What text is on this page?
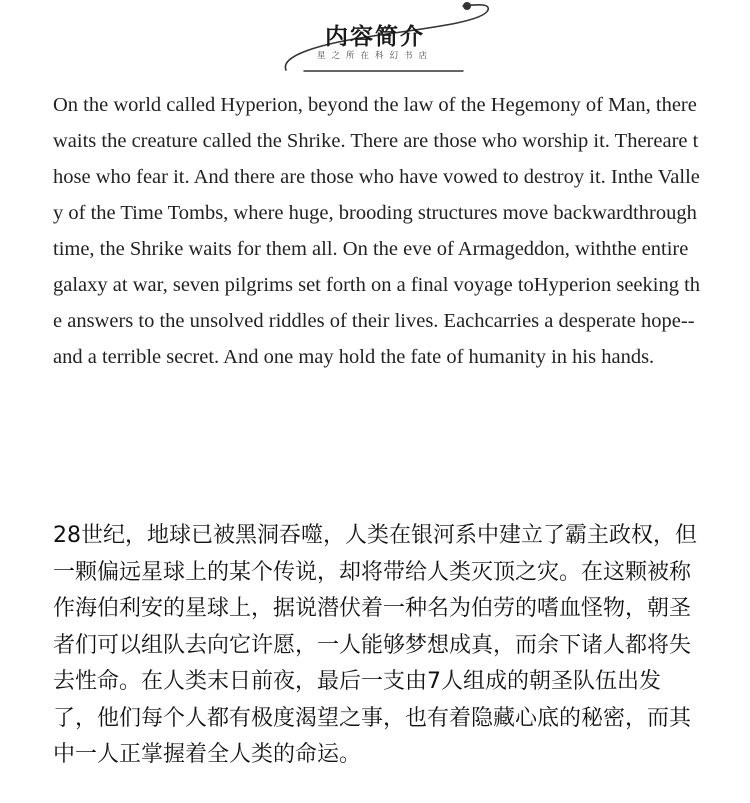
内容简介
星之所在科幻书店

On the world called Hyperion, beyond the law of the Hegemony of Man, therewaits the creature called the Shrike. There are those who worship it. Thereare those who fear it. And there are those who have vowed to destroy it. Inthe Valley of the Time Tombs, where huge, brooding structures move backwardthrough time, the Shrike waits for them all. On the eve of Armageddon, withthe entire galaxy at war, seven pilgrims set forth on a final voyage toHyperion seeking the answers to the unsolved riddles of their lives. Eachcarries a desperate hope--and a terrible secret. And one may hold the fate of humanity in his hands.

28世纪，地球已被黑洞吞噬，人类在银河系中建立了霸主政权，但一颗偏远星球上的某个传说，却将带给人类灭顶之灾。在这颗被称作海伯利安的星球上，据说潜伏着一种名为伯劳的嗜血怪物，朝圣者们可以组队去向它许愿，一人能够梦想成真，而余下诸人都将失去性命。在人类末日前夜，最后一支由7人组成的朝圣队伍出发了，他们每个人都有极度渴望之事，也有着隐藏心底的秘密，而其中一人正掌握着全人类的命运。
